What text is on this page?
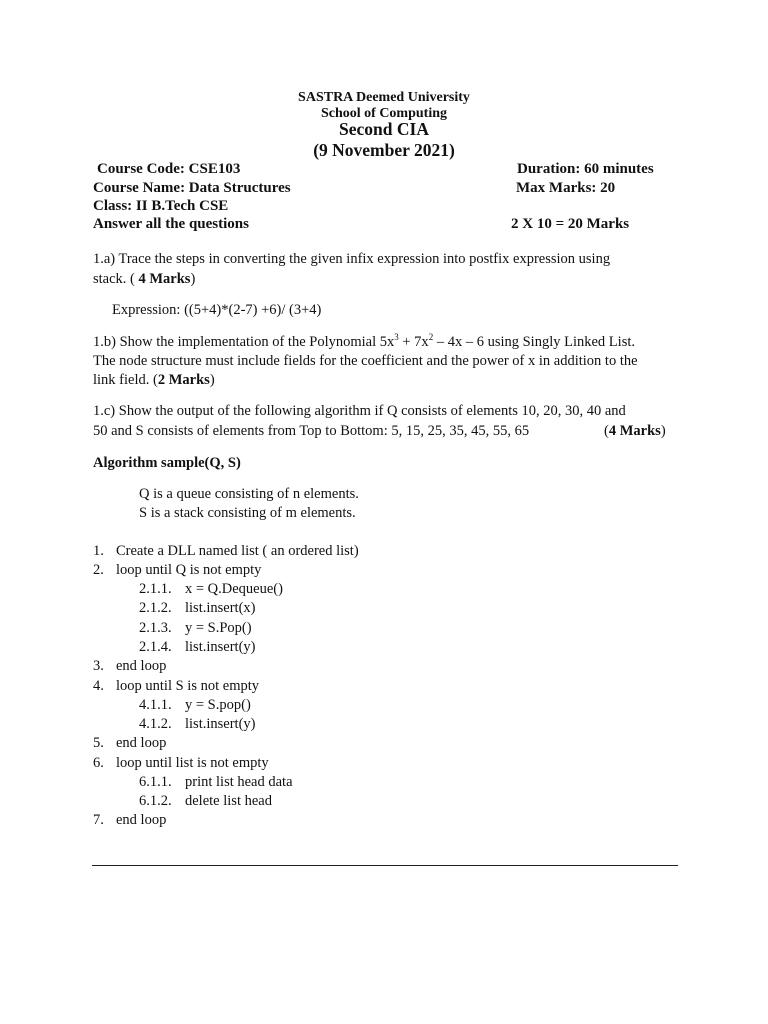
SASTRA Deemed University
School of Computing
Second CIA
(9 November 2021)
Course Code: CSE103	Duration: 60 minutes
Course Name: Data Structures	Max Marks: 20
Class: II B.Tech CSE
Answer all the questions	2 X 10 = 20 Marks
1.a) Trace the steps in converting the given infix expression into postfix expression using
stack. ( 4 Marks)
Expression: ((5+4)*(2-7) +6)/ (3+4)
1.b) Show the implementation of the Polynomial $5x^3 + 7x^2 - 4x - 6$ using Singly Linked List.
The node structure must include fields for the coefficient and the power of x in addition to the
link field. (2 Marks)
1.c) Show the output of the following algorithm if Q consists of elements 10, 20, 30, 40 and
50 and S consists of elements from Top to Bottom: 5, 15, 25, 35, 45, 55, 65	(4 Marks)
Algorithm sample(Q, S)
Q is a queue consisting of n elements.
S is a stack consisting of m elements.
1. Create a DLL named list ( an ordered list)
2. loop until Q is not empty
2.1.1. x = Q.Dequeue()
2.1.2. list.insert(x)
2.1.3. y = S.Pop()
2.1.4. list.insert(y)
3. end loop
4. loop until S is not empty
4.1.1. y = S.pop()
4.1.2. list.insert(y)
5. end loop
6. loop until list is not empty
6.1.1. print list head data
6.1.2. delete list head
7. end loop
